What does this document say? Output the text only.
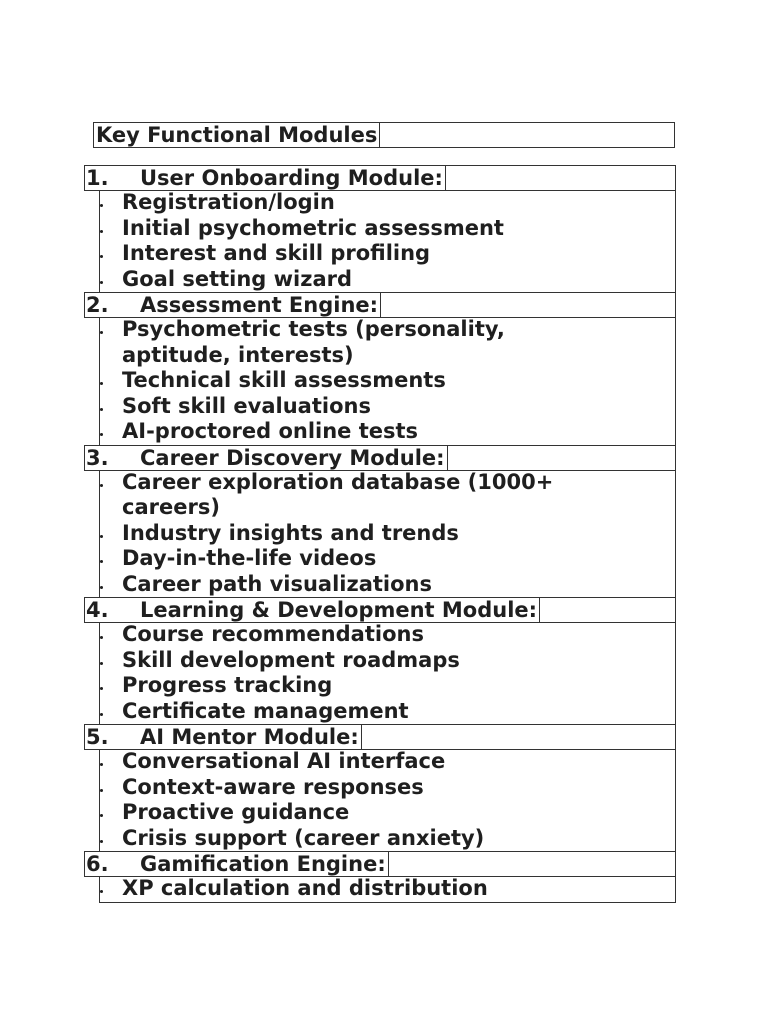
Key Functional Modules
1. User Onboarding Module:
Registration/login
Initial psychometric assessment
Interest and skill profiling
Goal setting wizard
2. Assessment Engine:
Psychometric tests (personality, aptitude, interests)
Technical skill assessments
Soft skill evaluations
AI-proctored online tests
3. Career Discovery Module:
Career exploration database (1000+ careers)
Industry insights and trends
Day-in-the-life videos
Career path visualizations
4. Learning & Development Module:
Course recommendations
Skill development roadmaps
Progress tracking
Certificate management
5. AI Mentor Module:
Conversational AI interface
Context-aware responses
Proactive guidance
Crisis support (career anxiety)
6. Gamification Engine:
XP calculation and distribution
